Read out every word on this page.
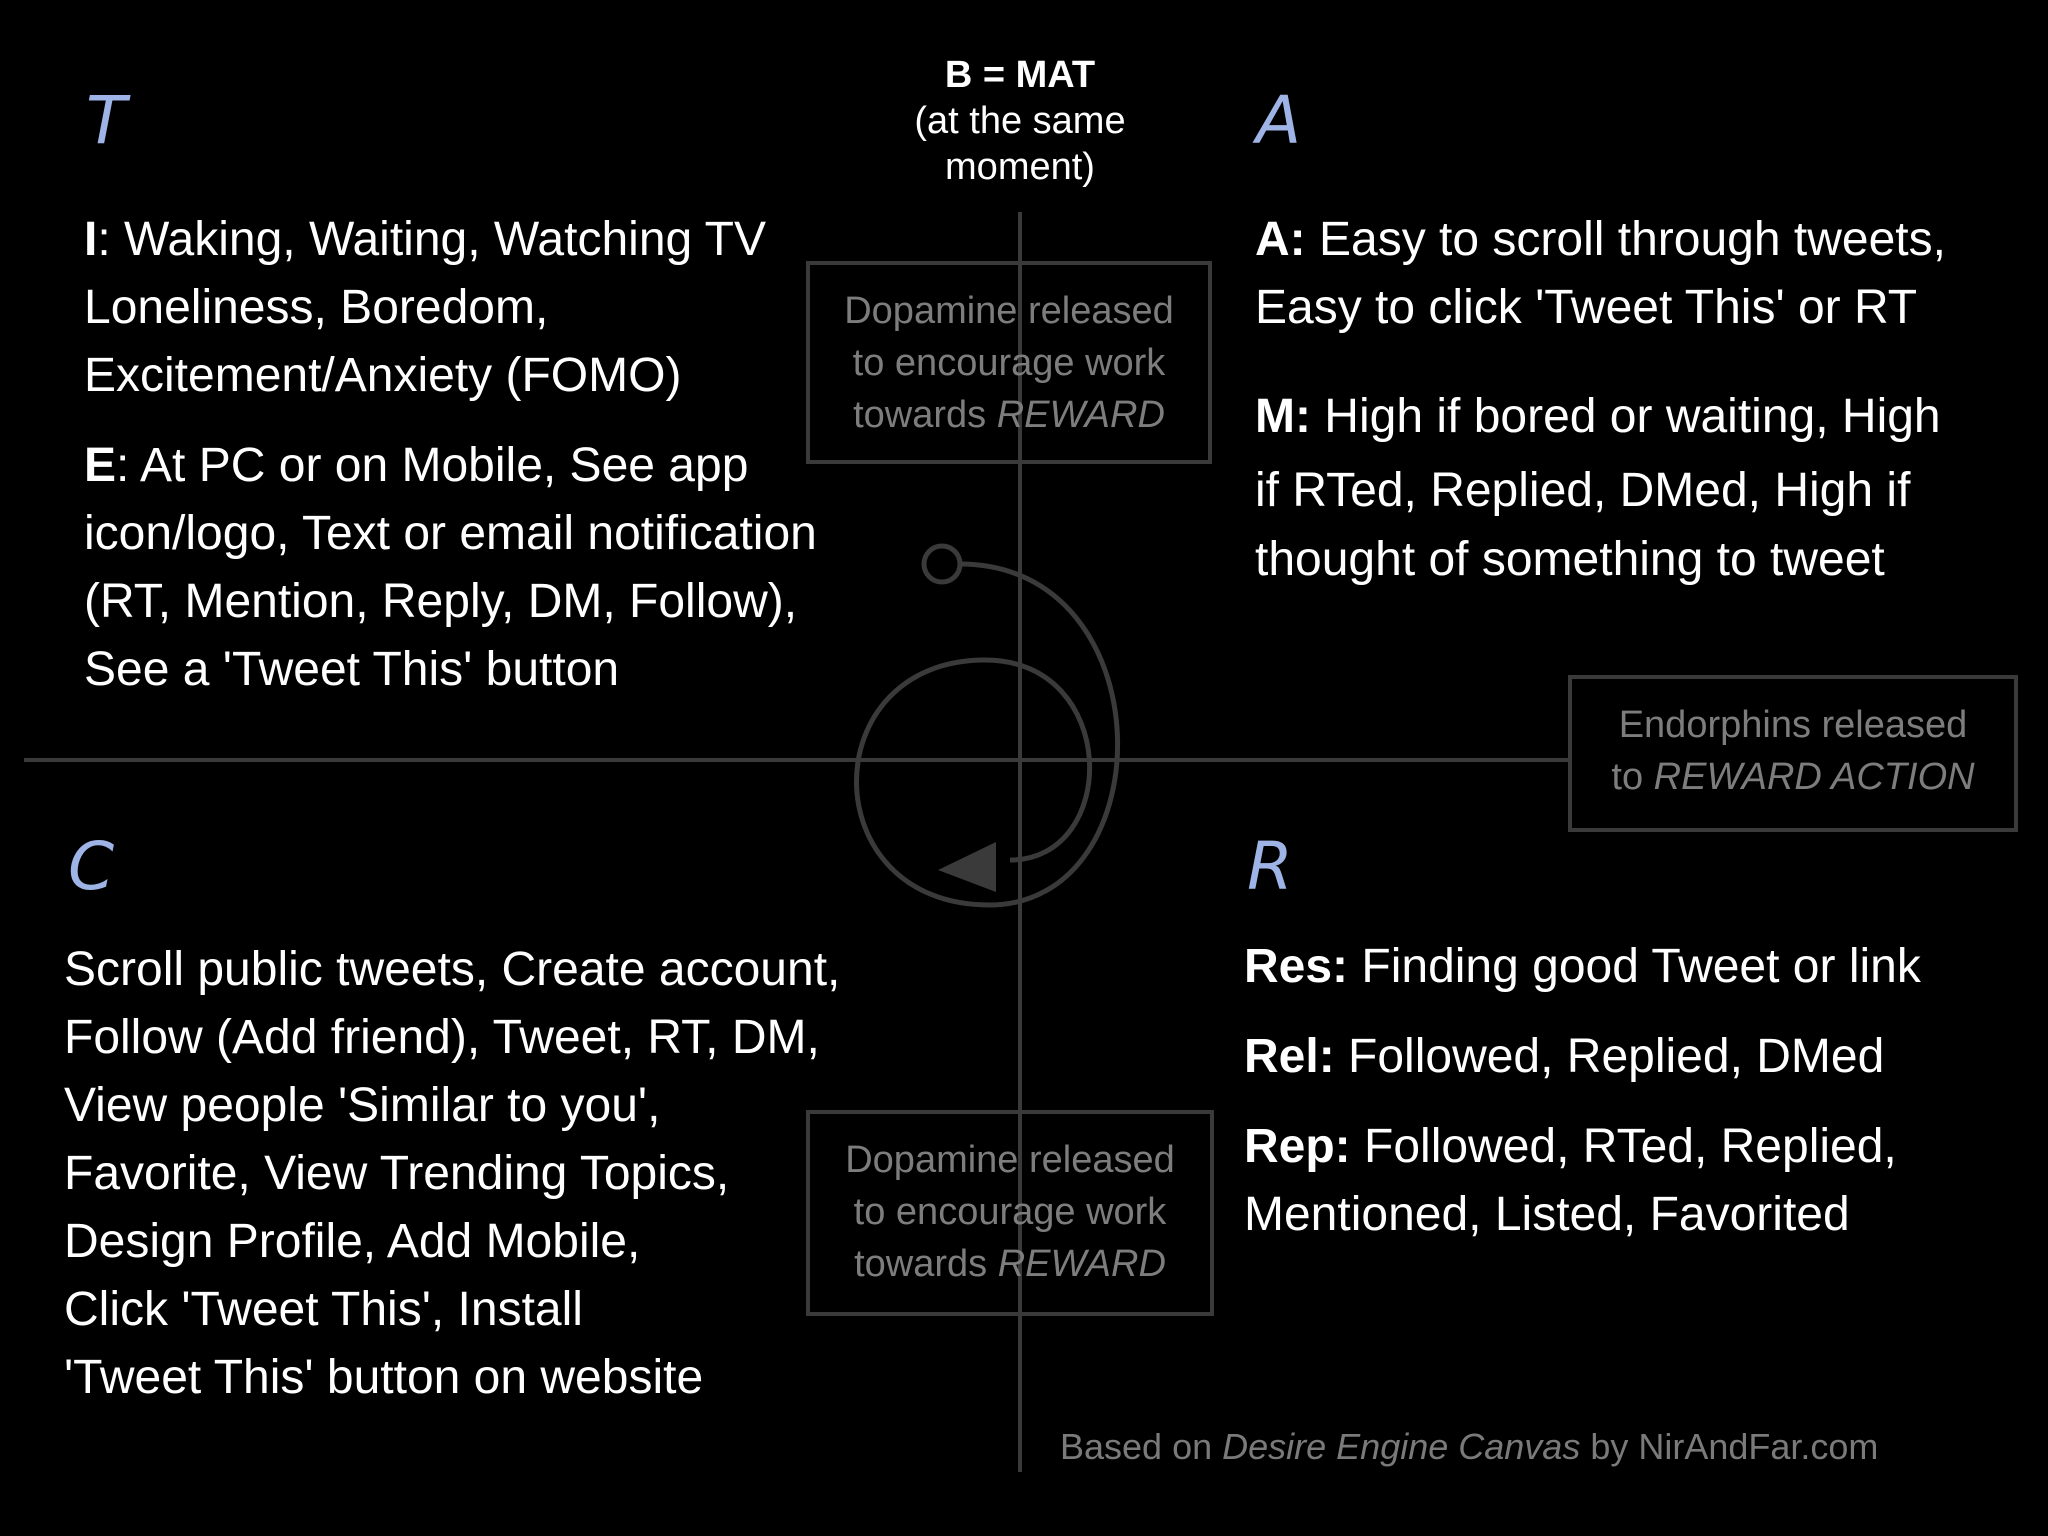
B = MAT
(at the same
moment)
T
I: Waking, Waiting, Watching TV
Loneliness, Boredom,
Excitement/Anxiety (FOMO)
E: At PC or on Mobile, See app
icon/logo, Text or email notification
(RT, Mention, Reply, DM, Follow),
See a 'Tweet This' button
A
A: Easy to scroll through tweets,
Easy to click 'Tweet This' or RT
M: High if bored or waiting, High
if RTed, Replied, DMed, High if
thought of something to tweet
C
Scroll public tweets, Create account,
Follow (Add friend), Tweet, RT, DM,
View people 'Similar to you',
Favorite, View Trending Topics,
Design Profile, Add Mobile,
Click 'Tweet This', Install
'Tweet This' button on website
R
Res: Finding good Tweet or link
Rel: Followed, Replied, DMed
Rep: Followed, RTed, Replied,
Mentioned, Listed, Favorited
Dopamine released
to encourage work
towards REWARD
Endorphins released
to REWARD ACTION
Dopamine released
to encourage work
towards REWARD
Based on Desire Engine Canvas by NirAndFar.com
